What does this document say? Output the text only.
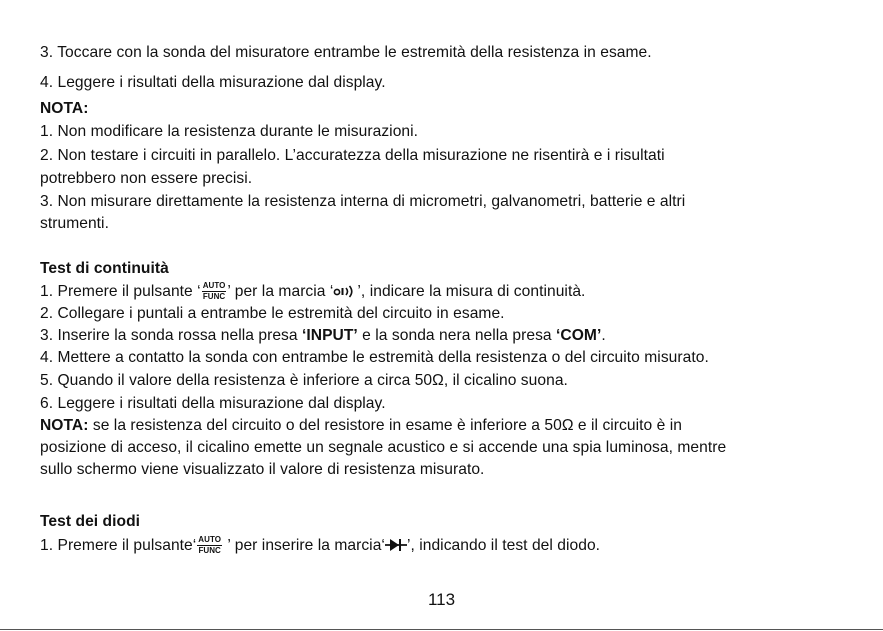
3. Toccare con la sonda del misuratore entrambe le estremità della resistenza in esame.
4. Leggere i risultati della misurazione dal display.
NOTA:
1. Non modificare la resistenza durante le misurazioni.
2. Non testare i circuiti in parallelo. L’accuratezza della misurazione ne risentirà e i risultati
potrebbero non essere precisi.
3. Non misurare direttamente la resistenza interna di micrometri, galvanometri, batterie e altri
strumenti.
Test di continuità
1. Premere il pulsante ‘ AUTO
FUNC ’ per la marcia ‘ ’, indicare la misura di continuità.
2. Collegare i puntali a entrambe le estremità del circuito in esame.
3. Inserire la sonda rossa nella presa ‘INPUT’ e la sonda nera nella presa ‘COM’.
4. Mettere a contatto la sonda con entrambe le estremità della resistenza o del circuito misurato.
5. Quando il valore della resistenza è inferiore a circa 50Ω, il cicalino suona.
6. Leggere i risultati della misurazione dal display.
NOTA: se la resistenza del circuito o del resistore in esame è inferiore a 50Ω e il circuito è in
posizione di acceso, il cicalino emette un segnale acustico e si accende una spia luminosa, mentre
sullo schermo viene visualizzato il valore di resistenza misurato.
Test dei diodi
1. Premere il pulsante‘ AUTO
FUNC ’ per inserire la marcia‘ ’, indicando il test del diodo.
113
